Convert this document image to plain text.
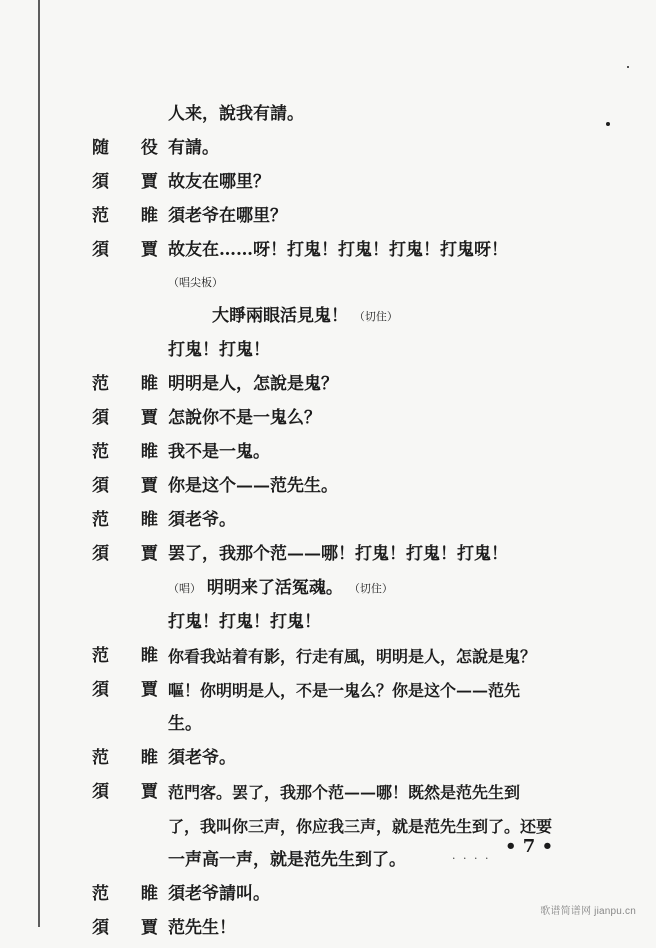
人来，說我有請。
随 役
有請。
須 賈
故友在哪里？
范 睢
須老爷在哪里？
須 賈
故友在……呀！打鬼！打鬼！打鬼！打鬼呀！
（唱尖板）
大睜兩眼活見鬼！ （切住）
打鬼！打鬼！
范 睢
明明是人，怎說是鬼？
須 賈
怎說你不是一鬼么？
范 睢
我不是一鬼。
須 賈
你是这个——范先生。
范 睢
須老爷。
須 賈
罢了，我那个范——哪！打鬼！打鬼！打鬼！
（唱） 明明来了活冤魂。 （切住）
打鬼！打鬼！打鬼！
范 睢
你看我站着有影，行走有風，明明是人，怎說是鬼？
須 賈
嘔！你明明是人，不是一鬼么？你是这个——范先
生。
范 睢
須老爷。
須 賈
范門客。罢了，我那个范——哪！既然是范先生到
了，我叫你三声，你应我三声，就是范先生到了。还要
一声高一声，就是范先生到了。
范 睢
須老爷請叫。
須 賈
范先生！
· · · ·
• 7 •
歌谱简谱网 jianpu.cn
